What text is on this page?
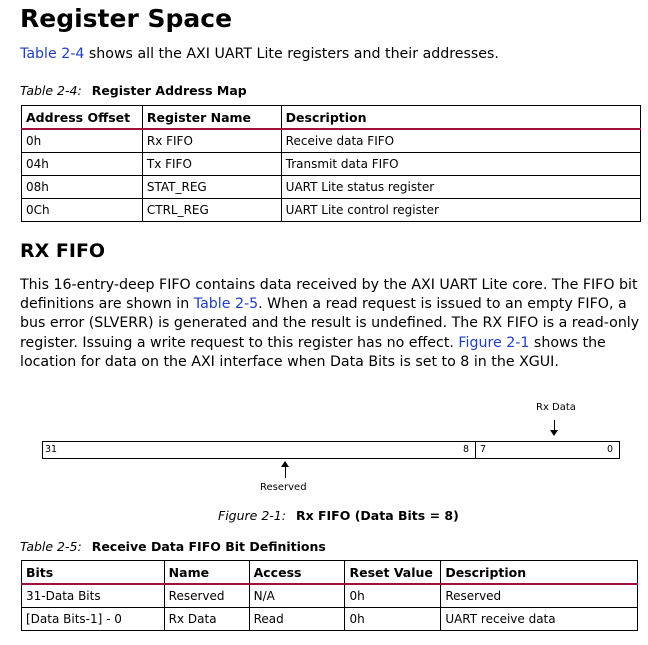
Register Space
Table 2-4 shows all the AXI UART Lite registers and their addresses.
Table 2-4: Register Address Map
Address Offset	Register Name	Description
0h	Rx FIFO	Receive data FIFO
04h	Tx FIFO	Transmit data FIFO
08h	STAT_REG	UART Lite status register
0Ch	CTRL_REG	UART Lite control register
RX FIFO
This 16-entry-deep FIFO contains data received by the AXI UART Lite core. The FIFO bit definitions are shown in Table 2-5. When a read request is issued to an empty FIFO, a bus error (SLVERR) is generated and the result is undefined. The RX FIFO is a read-only register. Issuing a write request to this register has no effect. Figure 2-1 shows the location for data on the AXI interface when Data Bits is set to 8 in the XGUI.
Rx Data
31	8 7	0
Reserved
Figure 2-1: Rx FIFO (Data Bits = 8)
Table 2-5: Receive Data FIFO Bit Definitions
Bits	Name	Access	Reset Value	Description
31-Data Bits	Reserved	N/A	0h	Reserved
[Data Bits-1] - 0	Rx Data	Read	0h	UART receive data
